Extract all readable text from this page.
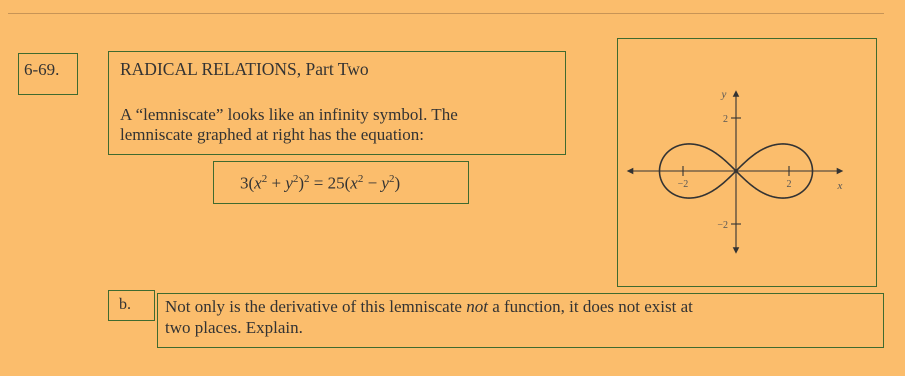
6-69.	RADICAL RELATIONS, Part Two
A “lemniscate” looks like an infinity symbol. The
lemniscate graphed at right has the equation:
$3(x^2 + y^2)^2 = 25(x^2 - y^2)$	x
y
−2	2
2
−2
b.	Not only is the derivative of this lemniscate not a function, it does not exist at
two places. Explain.
